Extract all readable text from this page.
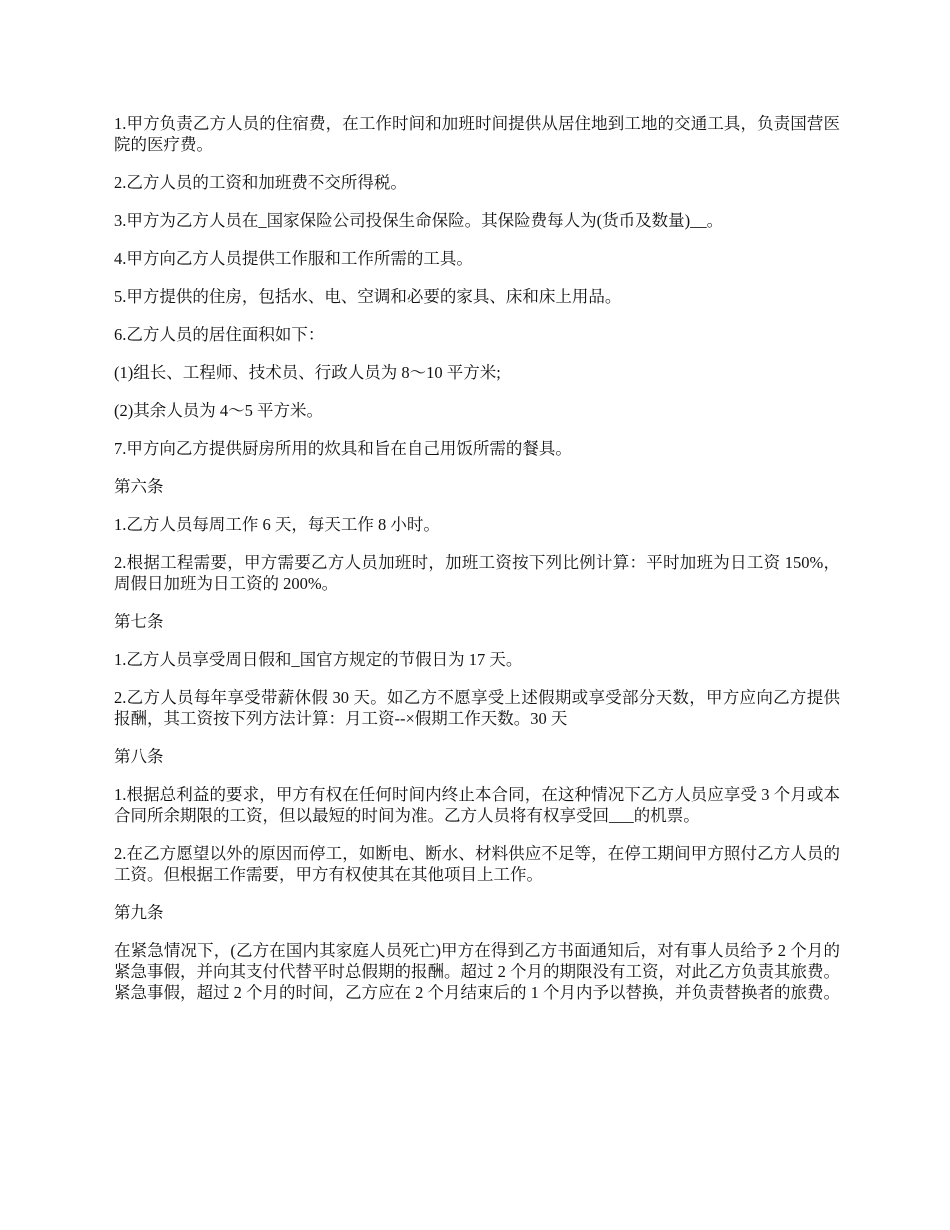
1.甲方负责乙方人员的住宿费，在工作时间和加班时间提供从居住地到工地的交通工具，负责国营医院的医疗费。

2.乙方人员的工资和加班费不交所得税。

3.甲方为乙方人员在_国家保险公司投保生命保险。其保险费每人为(货币及数量)__。

4.甲方向乙方人员提供工作服和工作所需的工具。

5.甲方提供的住房，包括水、电、空调和必要的家具、床和床上用品。

6.乙方人员的居住面积如下：

(1)组长、工程师、技术员、行政人员为 8～10 平方米;

(2)其余人员为 4～5 平方米。

7.甲方向乙方提供厨房所用的炊具和旨在自己用饭所需的餐具。

第六条

1.乙方人员每周工作 6 天，每天工作 8 小时。

2.根据工程需要，甲方需要乙方人员加班时，加班工资按下列比例计算：平时加班为日工资 150%，周假日加班为日工资的 200%。

第七条

1.乙方人员享受周日假和_国官方规定的节假日为 17 天。

2.乙方人员每年享受带薪休假 30 天。如乙方不愿享受上述假期或享受部分天数，甲方应向乙方提供报酬，其工资按下列方法计算：月工资--×假期工作天数。30 天

第八条

1.根据总利益的要求，甲方有权在任何时间内终止本合同，在这种情况下乙方人员应享受 3 个月或本合同所余期限的工资，但以最短的时间为准。乙方人员将有权享受回___的机票。

2.在乙方愿望以外的原因而停工，如断电、断水、材料供应不足等，在停工期间甲方照付乙方人员的工资。但根据工作需要，甲方有权使其在其他项目上工作。

第九条

在紧急情况下，(乙方在国内其家庭人员死亡)甲方在得到乙方书面通知后，对有事人员给予 2 个月的紧急事假，并向其支付代替平时总假期的报酬。超过 2 个月的期限没有工资，对此乙方负责其旅费。紧急事假，超过 2 个月的时间，乙方应在 2 个月结束后的 1 个月内予以替换，并负责替换者的旅费。
